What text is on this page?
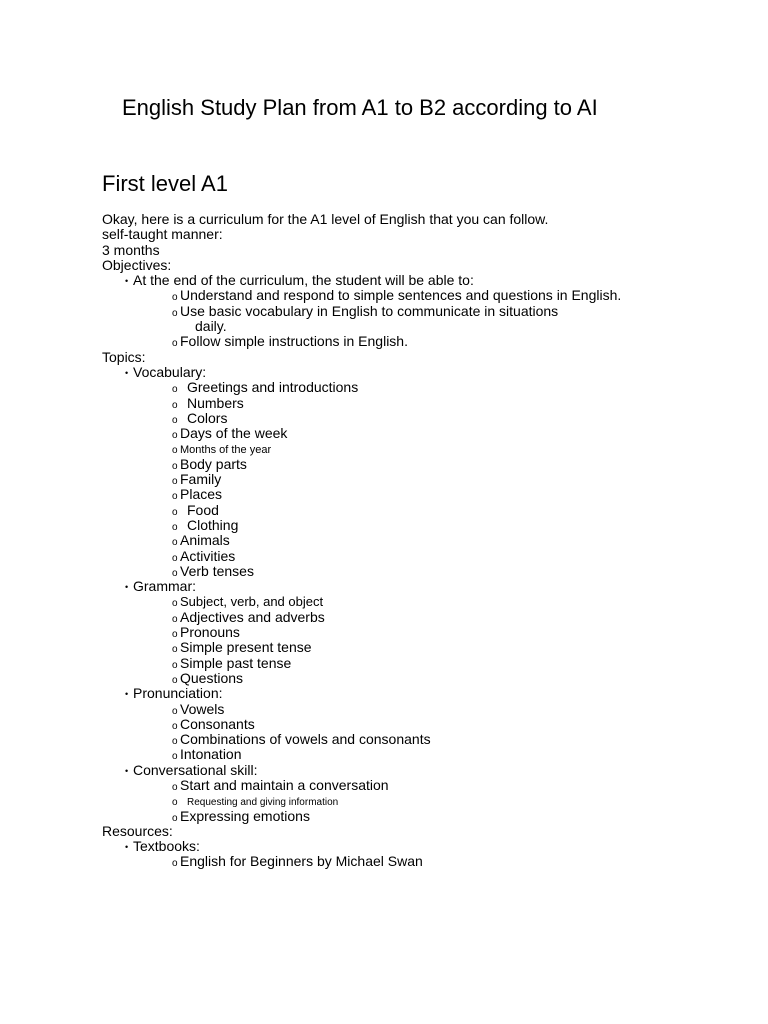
English Study Plan from A1 to B2 according to AI
First level A1
Okay, here is a curriculum for the A1 level of English that you can follow.
self-taught manner:
3 months
Objectives:
• At the end of the curriculum, the student will be able to:
o Understand and respond to simple sentences and questions in English.
o Use basic vocabulary in English to communicate in situations
daily.
o Follow simple instructions in English.
Topics:
• Vocabulary:
o Greetings and introductions
o Numbers
o Colors
o Days of the week
o Months of the year
o Body parts
o Family
o Places
o Food
o Clothing
o Animals
o Activities
o Verb tenses
• Grammar:
o Subject, verb, and object
o Adjectives and adverbs
o Pronouns
o Simple present tense
o Simple past tense
o Questions
• Pronunciation:
o Vowels
o Consonants
o Combinations of vowels and consonants
o Intonation
• Conversational skill:
o Start and maintain a conversation
o Requesting and giving information
o Expressing emotions
Resources:
• Textbooks:
o English for Beginners by Michael Swan
